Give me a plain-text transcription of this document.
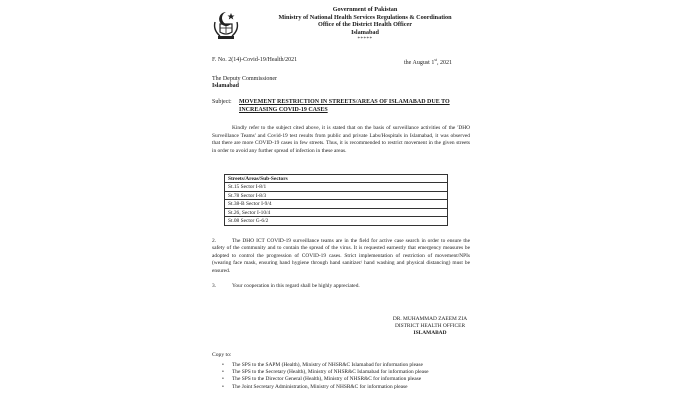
Government of Pakistan
Ministry of National Health Services Regulations & Coordination
Office of the District Health Officer
Islamabad
*****
F. No. 2(14)-Covid-19/Health/2021	the August 1st, 2021
The Deputy Commissioner
Islamabad
Subject: MOVEMENT RESTRICTION IN STREETS/AREAS OF ISLAMABAD DUE TO INCREASING COVID-19 CASES
Kindly refer to the subject cited above, it is stated that on the basis of surveillance activities of the 'DHO Surveillance Teams' and Covid-19 test results from public and private Labs/Hospitals in Islamabad, it was observed that there are more COVID-19 cases in few streets. Thus, it is recommended to restrict movement in the given streets in order to avoid any further spread of infection in these areas.
Streets/Areas/Sub-Sectors
St.15 Sector I-8/1
St.78 Sector I-8/3
St.38-B Sector I-9/4
St.26, Sector I-10/4
St.08 Sector G-6/2
2.	The DHO ICT COVID-19 surveillance teams are in the field for active case search in order to ensure the safety of the community and to contain the spread of the virus. It is requested earnestly that emergency measures be adopted to control the progression of COVID-19 cases. Strict implementation of restriction of movement/NPIs (wearing face mask, ensuring hand hygiene through hand sanitizer/ hand washing and physical distancing) must be ensured.
3.	Your cooperation in this regard shall be highly appreciated.
DR. MUHAMMAD ZAEEM ZIA
DISTRICT HEALTH OFFICER
ISLAMABAD
Copy to:
• The SPS to the SAPM (Health), Ministry of NHSR&C Islamabad for information please
• The SPS to the Secretary (Health), Ministry of NHSR&C Islamabad for information please
• The SPS to the Director General (Health), Ministry of NHSR&C for information please
• The Joint Secretary Administration, Ministry of NHSR&C for information please
